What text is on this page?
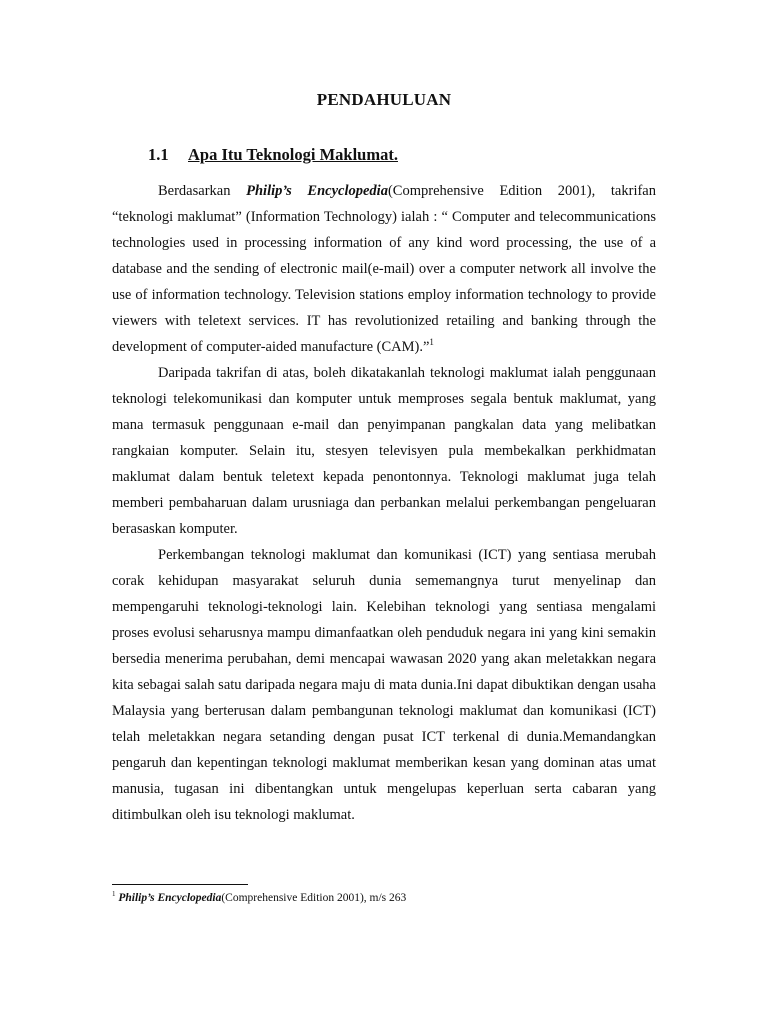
PENDAHULUAN
1.1 Apa Itu Teknologi Maklumat.

Berdasarkan Philip’s Encyclopedia(Comprehensive Edition 2001), takrifan “teknologi maklumat” (Information Technology) ialah : “ Computer and telecommunications technologies used in processing information of any kind word processing, the use of a database and the sending of electronic mail(e-mail) over a computer network all involve the use of information technology. Television stations employ information technology to provide viewers with teletext services. IT has revolutionized retailing and banking through the development of computer-aided manufacture (CAM).”$^1$

Daripada takrifan di atas, boleh dikatakanlah teknologi maklumat ialah penggunaan teknologi telekomunikasi dan komputer untuk memproses segala bentuk maklumat, yang mana termasuk penggunaan e-mail dan penyimpanan pangkalan data yang melibatkan rangkaian komputer. Selain itu, stesyen televisyen pula membekalkan perkhidmatan maklumat dalam bentuk teletext kepada penontonnya. Teknologi maklumat juga telah memberi pembaharuan dalam urusniaga dan perbankan melalui perkembangan pengeluaran berasaskan komputer.

Perkembangan teknologi maklumat dan komunikasi (ICT) yang sentiasa merubah corak kehidupan masyarakat seluruh dunia sememangnya turut menyelinap dan mempengaruhi teknologi-teknologi lain. Kelebihan teknologi yang sentiasa mengalami proses evolusi seharusnya mampu dimanfaatkan oleh penduduk negara ini yang kini semakin bersedia menerima perubahan, demi mencapai wawasan 2020 yang akan meletakkan negara kita sebagai salah satu daripada negara maju di mata dunia.Ini dapat dibuktikan dengan usaha Malaysia yang berterusan dalam pembangunan teknologi maklumat dan komunikasi (ICT) telah meletakkan negara setanding dengan pusat ICT terkenal di dunia.Memandangkan pengaruh dan kepentingan teknologi maklumat memberikan kesan yang dominan atas umat manusia, tugasan ini dibentangkan untuk mengelupas keperluan serta cabaran yang ditimbulkan oleh isu teknologi maklumat.

$^1$ Philip’s Encyclopedia(Comprehensive Edition 2001), m/s 263
